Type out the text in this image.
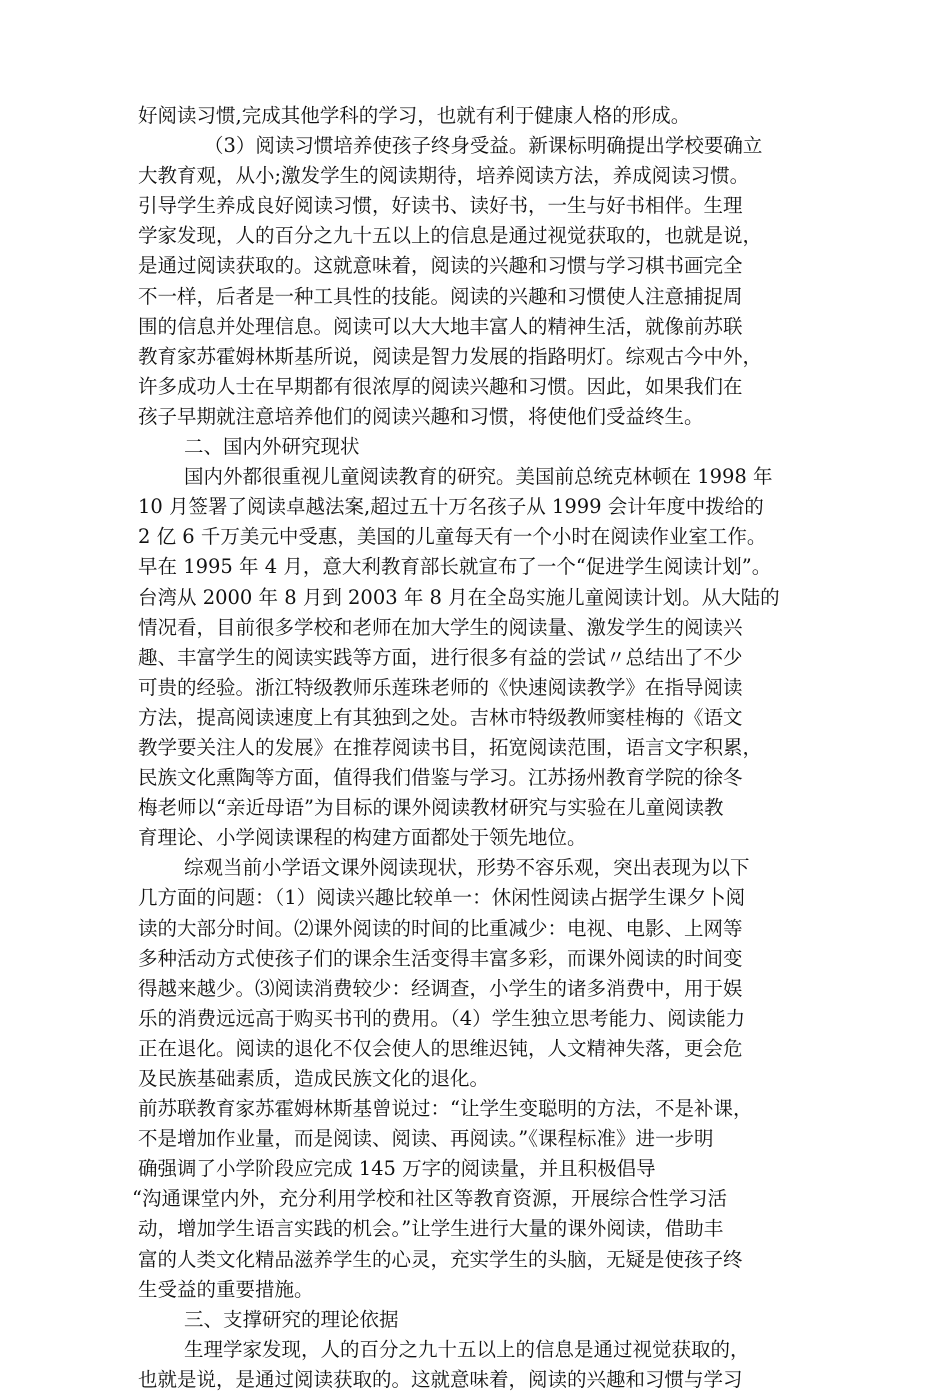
好阅读习惯,完成其他学科的学习，也就有利于健康人格的形成。
（3）阅读习惯培养使孩子终身受益。新课标明确提出学校要确立
大教育观，从小;激发学生的阅读期待，培养阅读方法，养成阅读习惯。
引导学生养成良好阅读习惯，好读书、读好书，一生与好书相伴。生理
学家发现，人的百分之九十五以上的信息是通过视觉获取的，也就是说，
是通过阅读获取的。这就意味着，阅读的兴趣和习惯与学习棋书画完全
不一样，后者是一种工具性的技能。阅读的兴趣和习惯使人注意捕捉周
围的信息并处理信息。阅读可以大大地丰富人的精神生活，就像前苏联
教育家苏霍姆林斯基所说，阅读是智力发展的指路明灯。综观古今中外，
许多成功人士在早期都有很浓厚的阅读兴趣和习惯。因此，如果我们在
孩子早期就注意培养他们的阅读兴趣和习惯，将使他们受益终生。
二、国内外研究现状
国内外都很重视儿童阅读教育的研究。美国前总统克林顿在 1998 年
10 月签署了阅读卓越法案,超过五十万名孩子从 1999 会计年度中拨给的
2 亿 6 千万美元中受惠，美国的儿童每天有一个小时在阅读作业室工作。
早在 1995 年 4 月，意大利教育部长就宣布了一个“促进学生阅读计划”。
台湾从 2000 年 8 月到 2003 年 8 月在全岛实施儿童阅读计划。从大陆的
情况看，目前很多学校和老师在加大学生的阅读量、激发学生的阅读兴
趣、丰富学生的阅读实践等方面，进行很多有益的尝试〃总结出了不少
可贵的经验。浙江特级教师乐莲珠老师的《快速阅读教学》在指导阅读
方法，提高阅读速度上有其独到之处。吉林市特级教师窦桂梅的《语文
教学要关注人的发展》在推荐阅读书目，拓宽阅读范围，语言文字积累，
民族文化熏陶等方面，值得我们借鉴与学习。江苏扬州教育学院的徐冬
梅老师以“亲近母语”为目标的课外阅读教材研究与实验在儿童阅读教
育理论、小学阅读课程的构建方面都处于领先地位。
综观当前小学语文课外阅读现状，形势不容乐观，突出表现为以下
几方面的问题：（1）阅读兴趣比较单一：休闲性阅读占据学生课夕卜阅
读的大部分时间。⑵课外阅读的时间的比重减少：电视、电影、上网等
多种活动方式使孩子们的课余生活变得丰富多彩，而课外阅读的时间变
得越来越少。⑶阅读消费较少：经调查，小学生的诸多消费中，用于娱
乐的消费远远高于购买书刊的费用。（4）学生独立思考能力、阅读能力
正在退化。阅读的退化不仅会使人的思维迟钝，人文精神失落，更会危
及民族基础素质，造成民族文化的退化。
前苏联教育家苏霍姆林斯基曾说过：“让学生变聪明的方法，不是补课，
不是增加作业量，而是阅读、阅读、再阅读。”《课程标准》进一步明
确强调了小学阶段应完成 145 万字的阅读量，并且积极倡导
“沟通课堂内外，充分利用学校和社区等教育资源，开展综合性学习活
动，增加学生语言实践的机会。”让学生进行大量的课外阅读，借助丰
富的人类文化精品滋养学生的心灵，充实学生的头脑，无疑是使孩子终
生受益的重要措施。
三、支撑研究的理论依据
生理学家发现，人的百分之九十五以上的信息是通过视觉获取的，
也就是说，是通过阅读获取的。这就意味着，阅读的兴趣和习惯与学习
